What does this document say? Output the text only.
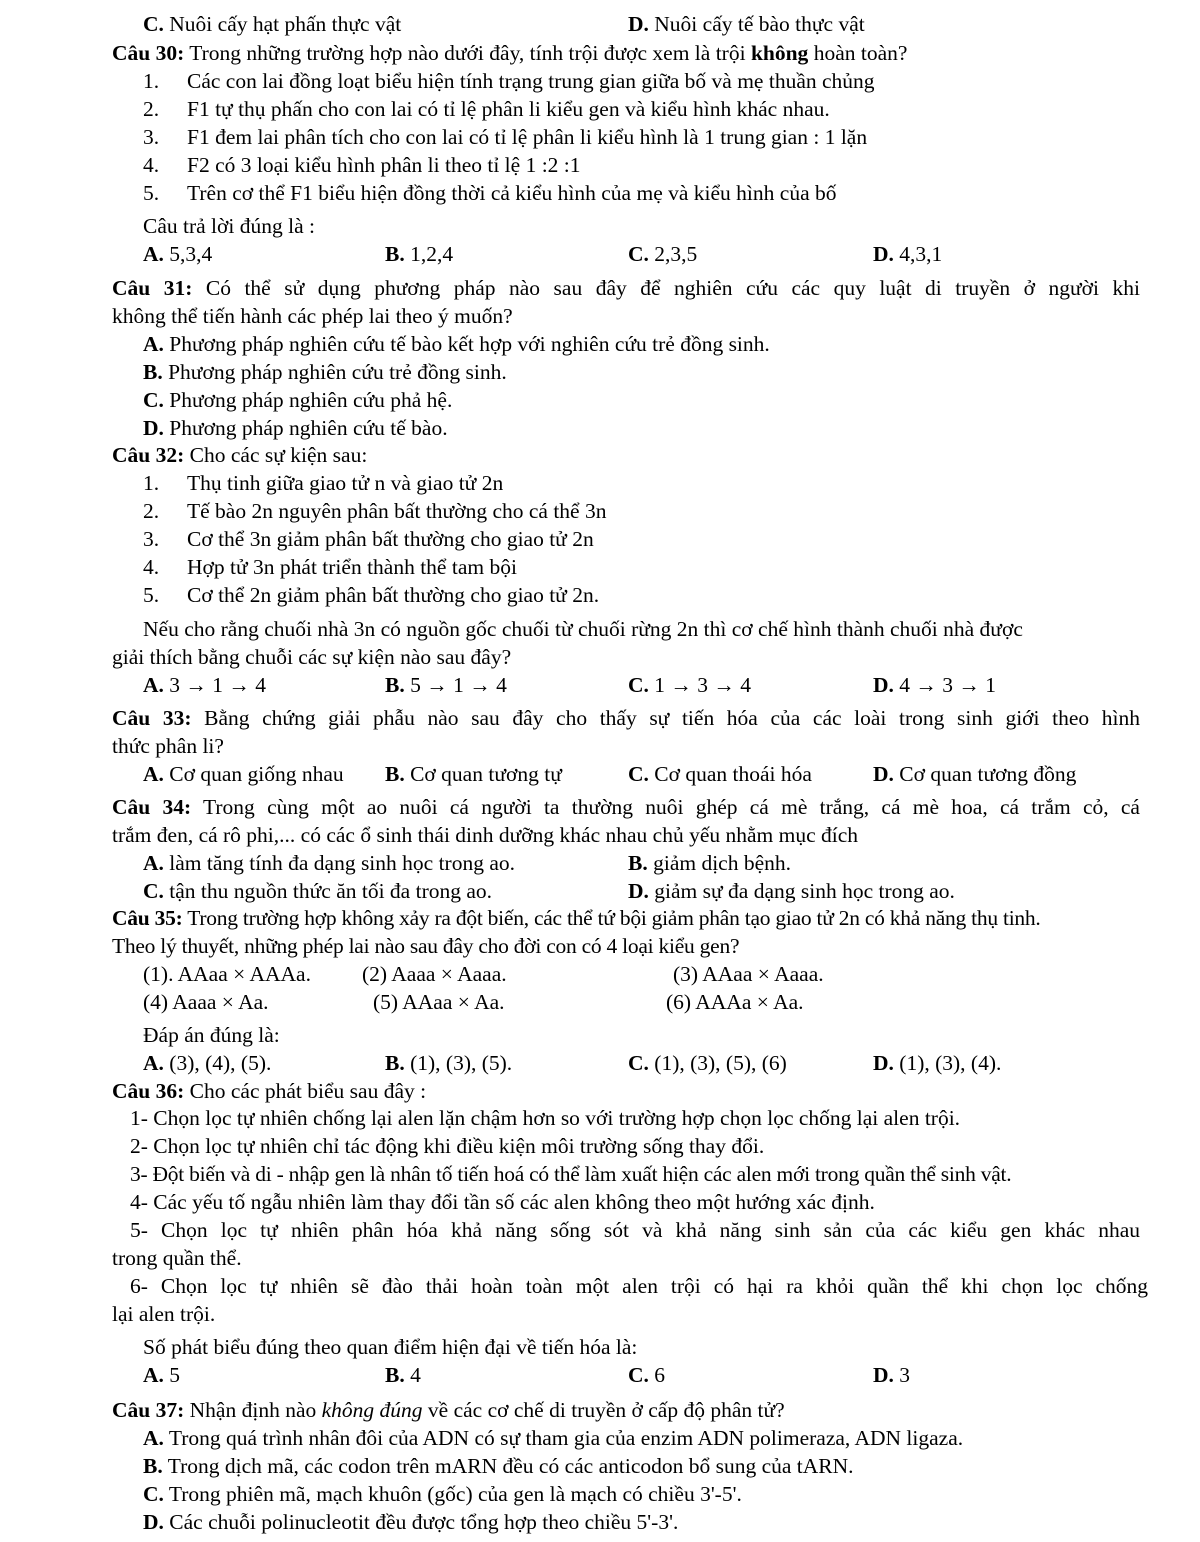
C. Nuôi cấy hạt phấn thực vật	D. Nuôi cấy tế bào thực vật
Câu 30: Trong những trường hợp nào dưới đây, tính trội được xem là trội không hoàn toàn?
1. Các con lai đồng loạt biểu hiện tính trạng trung gian giữa bố và mẹ thuần chủng
2. F1 tự thụ phấn cho con lai có tỉ lệ phân li kiểu gen và kiểu hình khác nhau.
3. F1 đem lai phân tích cho con lai có tỉ lệ phân li kiểu hình là 1 trung gian : 1 lặn
4. F2 có 3 loại kiểu hình phân li theo tỉ lệ 1 :2 :1
5. Trên cơ thể F1 biểu hiện đồng thời cả kiểu hình của mẹ và kiểu hình của bố
Câu trả lời đúng là :
A. 5,3,4	B. 1,2,4	C. 2,3,5	D. 4,3,1
Câu 31: Có thể sử dụng phương pháp nào sau đây để nghiên cứu các quy luật di truyền ở người khi
không thể tiến hành các phép lai theo ý muốn?
A. Phương pháp nghiên cứu tế bào kết hợp với nghiên cứu trẻ đồng sinh.
B. Phương pháp nghiên cứu trẻ đồng sinh.
C. Phương pháp nghiên cứu phả hệ.
D. Phương pháp nghiên cứu tế bào.
Câu 32: Cho các sự kiện sau:
1. Thụ tinh giữa giao tử n và giao tử 2n
2. Tế bào 2n nguyên phân bất thường cho cá thể 3n
3. Cơ thể 3n giảm phân bất thường cho giao tử 2n
4. Hợp tử 3n phát triển thành thể tam bội
5. Cơ thể 2n giảm phân bất thường cho giao tử 2n.
Nếu cho rằng chuối nhà 3n có nguồn gốc chuối từ chuối rừng 2n thì cơ chế hình thành chuối nhà được
giải thích bằng chuỗi các sự kiện nào sau đây?
A. 3 → 1 → 4	B. 5 → 1 → 4	C. 1 → 3 → 4	D. 4 → 3 → 1
Câu 33: Bằng chứng giải phẫu nào sau đây cho thấy sự tiến hóa của các loài trong sinh giới theo hình
thức phân li?
A. Cơ quan giống nhau B. Cơ quan tương tự	C. Cơ quan thoái hóa	D. Cơ quan tương đồng
Câu 34: Trong cùng một ao nuôi cá người ta thường nuôi ghép cá mè trắng, cá mè hoa, cá trắm cỏ, cá
trắm đen, cá rô phi,... có các ổ sinh thái dinh dưỡng khác nhau chủ yếu nhằm mục đích
A. làm tăng tính đa dạng sinh học trong ao.	B. giảm dịch bệnh.
C. tận thu nguồn thức ăn tối đa trong ao.	D. giảm sự đa dạng sinh học trong ao.
Câu 35: Trong trường hợp không xảy ra đột biến, các thể tứ bội giảm phân tạo giao tử 2n có khả năng thụ tinh.
Theo lý thuyết, những phép lai nào sau đây cho đời con có 4 loại kiểu gen?
(1). AAaa × AAAa. (2) Aaaa × Aaaa.	(3) AAaa × Aaaa.
(4) Aaaa × Aa.	(5) AAaa × Aa.	(6) AAAa × Aa.
Đáp án đúng là:
A. (3), (4), (5).	B. (1), (3), (5).	C. (1), (3), (5), (6)	D. (1), (3), (4).
Câu 36: Cho các phát biểu sau đây :
1- Chọn lọc tự nhiên chống lại alen lặn chậm hơn so với trường hợp chọn lọc chống lại alen trội.
2- Chọn lọc tự nhiên chỉ tác động khi điều kiện môi trường sống thay đổi.
3- Đột biến và di - nhập gen là nhân tố tiến hoá có thể làm xuất hiện các alen mới trong quần thể sinh vật.
4- Các yếu tố ngẫu nhiên làm thay đổi tần số các alen không theo một hướng xác định.
5- Chọn lọc tự nhiên phân hóa khả năng sống sót và khả năng sinh sản của các kiểu gen khác nhau
trong quần thể.
6- Chọn lọc tự nhiên sẽ đào thải hoàn toàn một alen trội có hại ra khỏi quần thể khi chọn lọc chống
lại alen trội.
Số phát biểu đúng theo quan điểm hiện đại về tiến hóa là:
A. 5	B. 4	C. 6	D. 3
Câu 37: Nhận định nào không đúng về các cơ chế di truyền ở cấp độ phân tử?
A. Trong quá trình nhân đôi của ADN có sự tham gia của enzim ADN polimeraza, ADN ligaza.
B. Trong dịch mã, các codon trên mARN đều có các anticodon bổ sung của tARN.
C. Trong phiên mã, mạch khuôn (gốc) của gen là mạch có chiều 3'-5'.
D. Các chuỗi polinucleotit đều được tổng hợp theo chiều 5'-3'.
